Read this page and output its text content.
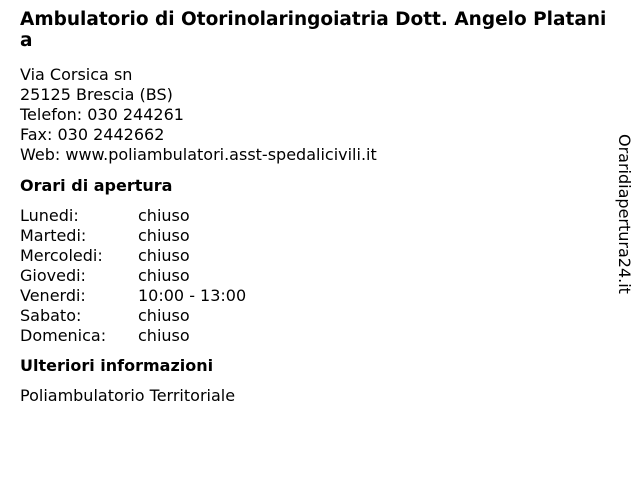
Ambulatorio di Otorinolaringoiatria Dott. Angelo Platania
Via Corsica sn
25125 Brescia (BS)
Telefon: 030 244261
Fax: 030 2442662
Web: www.poliambulatori.asst-spedalicivili.it
Orari di apertura
Lunedi:	chiuso
Martedi:	chiuso
Mercoledi:	chiuso
Giovedi:	chiuso
Venerdi:	10:00 - 13:00
Sabato:	chiuso
Domenica:	chiuso
Ulteriori informazioni
Poliambulatorio Territoriale
Oraridiapertura24.it
